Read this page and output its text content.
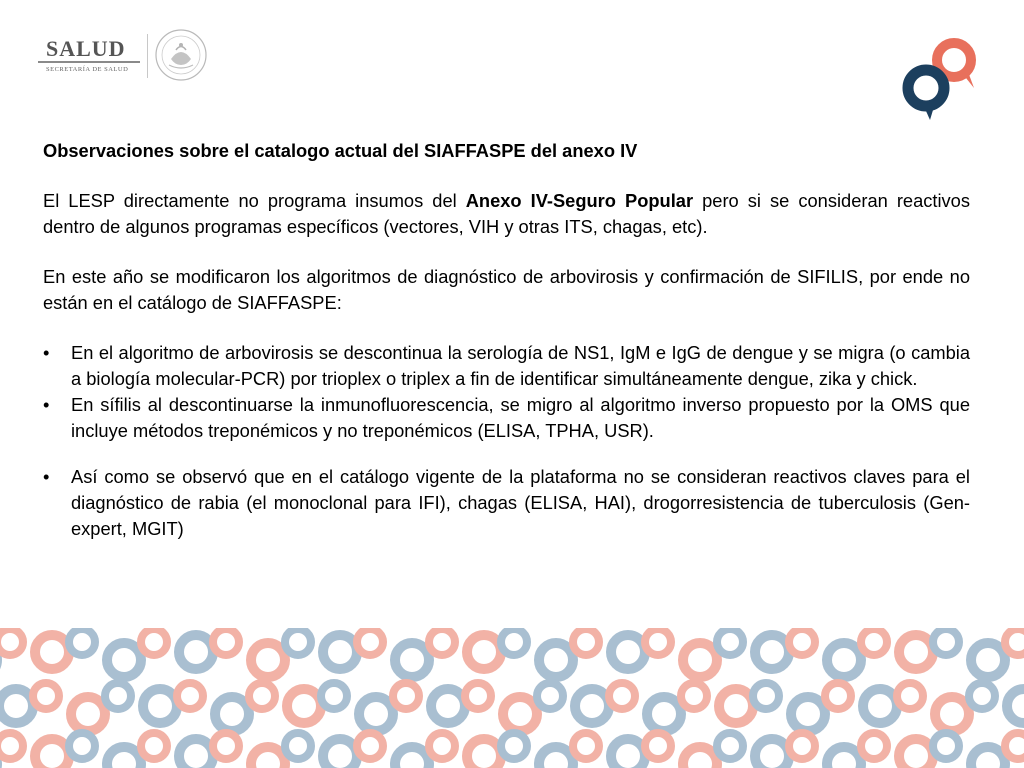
SALUD
SECRETARÍA DE SALUD

Observaciones sobre el catalogo actual del SIAFFASPE del anexo IV

El LESP directamente no programa insumos del Anexo IV-Seguro Popular pero si se consideran reactivos dentro de algunos programas específicos (vectores, VIH y otras ITS, chagas, etc).

En este año se modificaron los algoritmos de diagnóstico de arbovirosis y confirmación de SIFILIS, por ende no están en el catálogo de SIAFFASPE:

• En el algoritmo de arbovirosis se descontinua la serología de NS1, IgM e IgG de dengue y se migra (o cambia a biología molecular-PCR) por trioplex o triplex a fin de identificar simultáneamente dengue, zika y chick.
• En sífilis al descontinuarse la inmunofluorescencia, se migro al algoritmo inverso propuesto por la OMS que incluye métodos treponémicos y no treponémicos (ELISA, TPHA, USR).
• Así como se observó que en el catálogo vigente de la plataforma no se consideran reactivos claves para el diagnóstico de rabia (el monoclonal para IFI), chagas (ELISA, HAI), drogorresistencia de tuberculosis (Gen-expert, MGIT)
